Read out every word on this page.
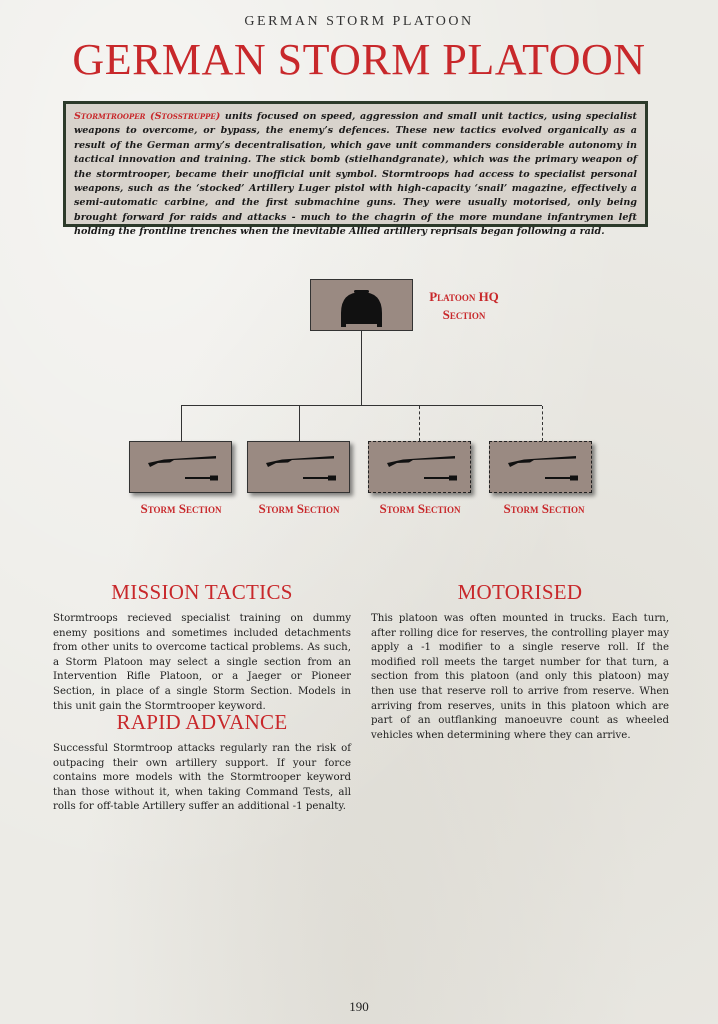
GERMAN STORM PLATOON
GERMAN STORM PLATOON
Stormtrooper (Stosstruppe) units focused on speed, aggression and small unit tactics, using specialist weapons to overcome, or bypass, the enemy’s defences. These new tactics evolved organically as a result of the German army’s decentralisation, which gave unit commanders considerable autonomy in tactical innovation and training. The stick bomb (stielhandgranate), which was the primary weapon of the stormtrooper, became their unofficial unit symbol. Stormtroops had access to specialist personal weapons, such as the ‘stocked’ Artillery Luger pistol with high-capacity ‘snail’ magazine, effectively a semi-automatic carbine, and the first submachine guns. They were usually motorised, only being brought forward for raids and attacks - much to the chagrin of the more mundane infantrymen left holding the frontline trenches when the inevitable Allied artillery reprisals began following a raid.
Platoon HQ
Section
Storm Section	Storm Section	Storm Section	Storm Section
MISSION TACTICS
Stormtroops recieved specialist training on dummy enemy positions and sometimes included detachments from other units to overcome tactical problems. As such, a Storm Platoon may select a single section from an Intervention Rifle Platoon, or a Jaeger or Pioneer Section, in place of a single Storm Section. Models in this unit gain the Stormtrooper keyword.
RAPID ADVANCE
Successful Stormtroop attacks regularly ran the risk of outpacing their own artillery support. If your force contains more models with the Stormtrooper keyword than those without it, when taking Command Tests, all rolls for off-table Artillery suffer an additional -1 penalty.
MOTORISED
This platoon was often mounted in trucks. Each turn, after rolling dice for reserves, the controlling player may apply a -1 modifier to a single reserve roll. If the modified roll meets the target number for that turn, a section from this platoon (and only this platoon) may then use that reserve roll to arrive from reserve. When arriving from reserves, units in this platoon which are part of an outflanking manoeuvre count as wheeled vehicles when determining where they can arrive.
190
